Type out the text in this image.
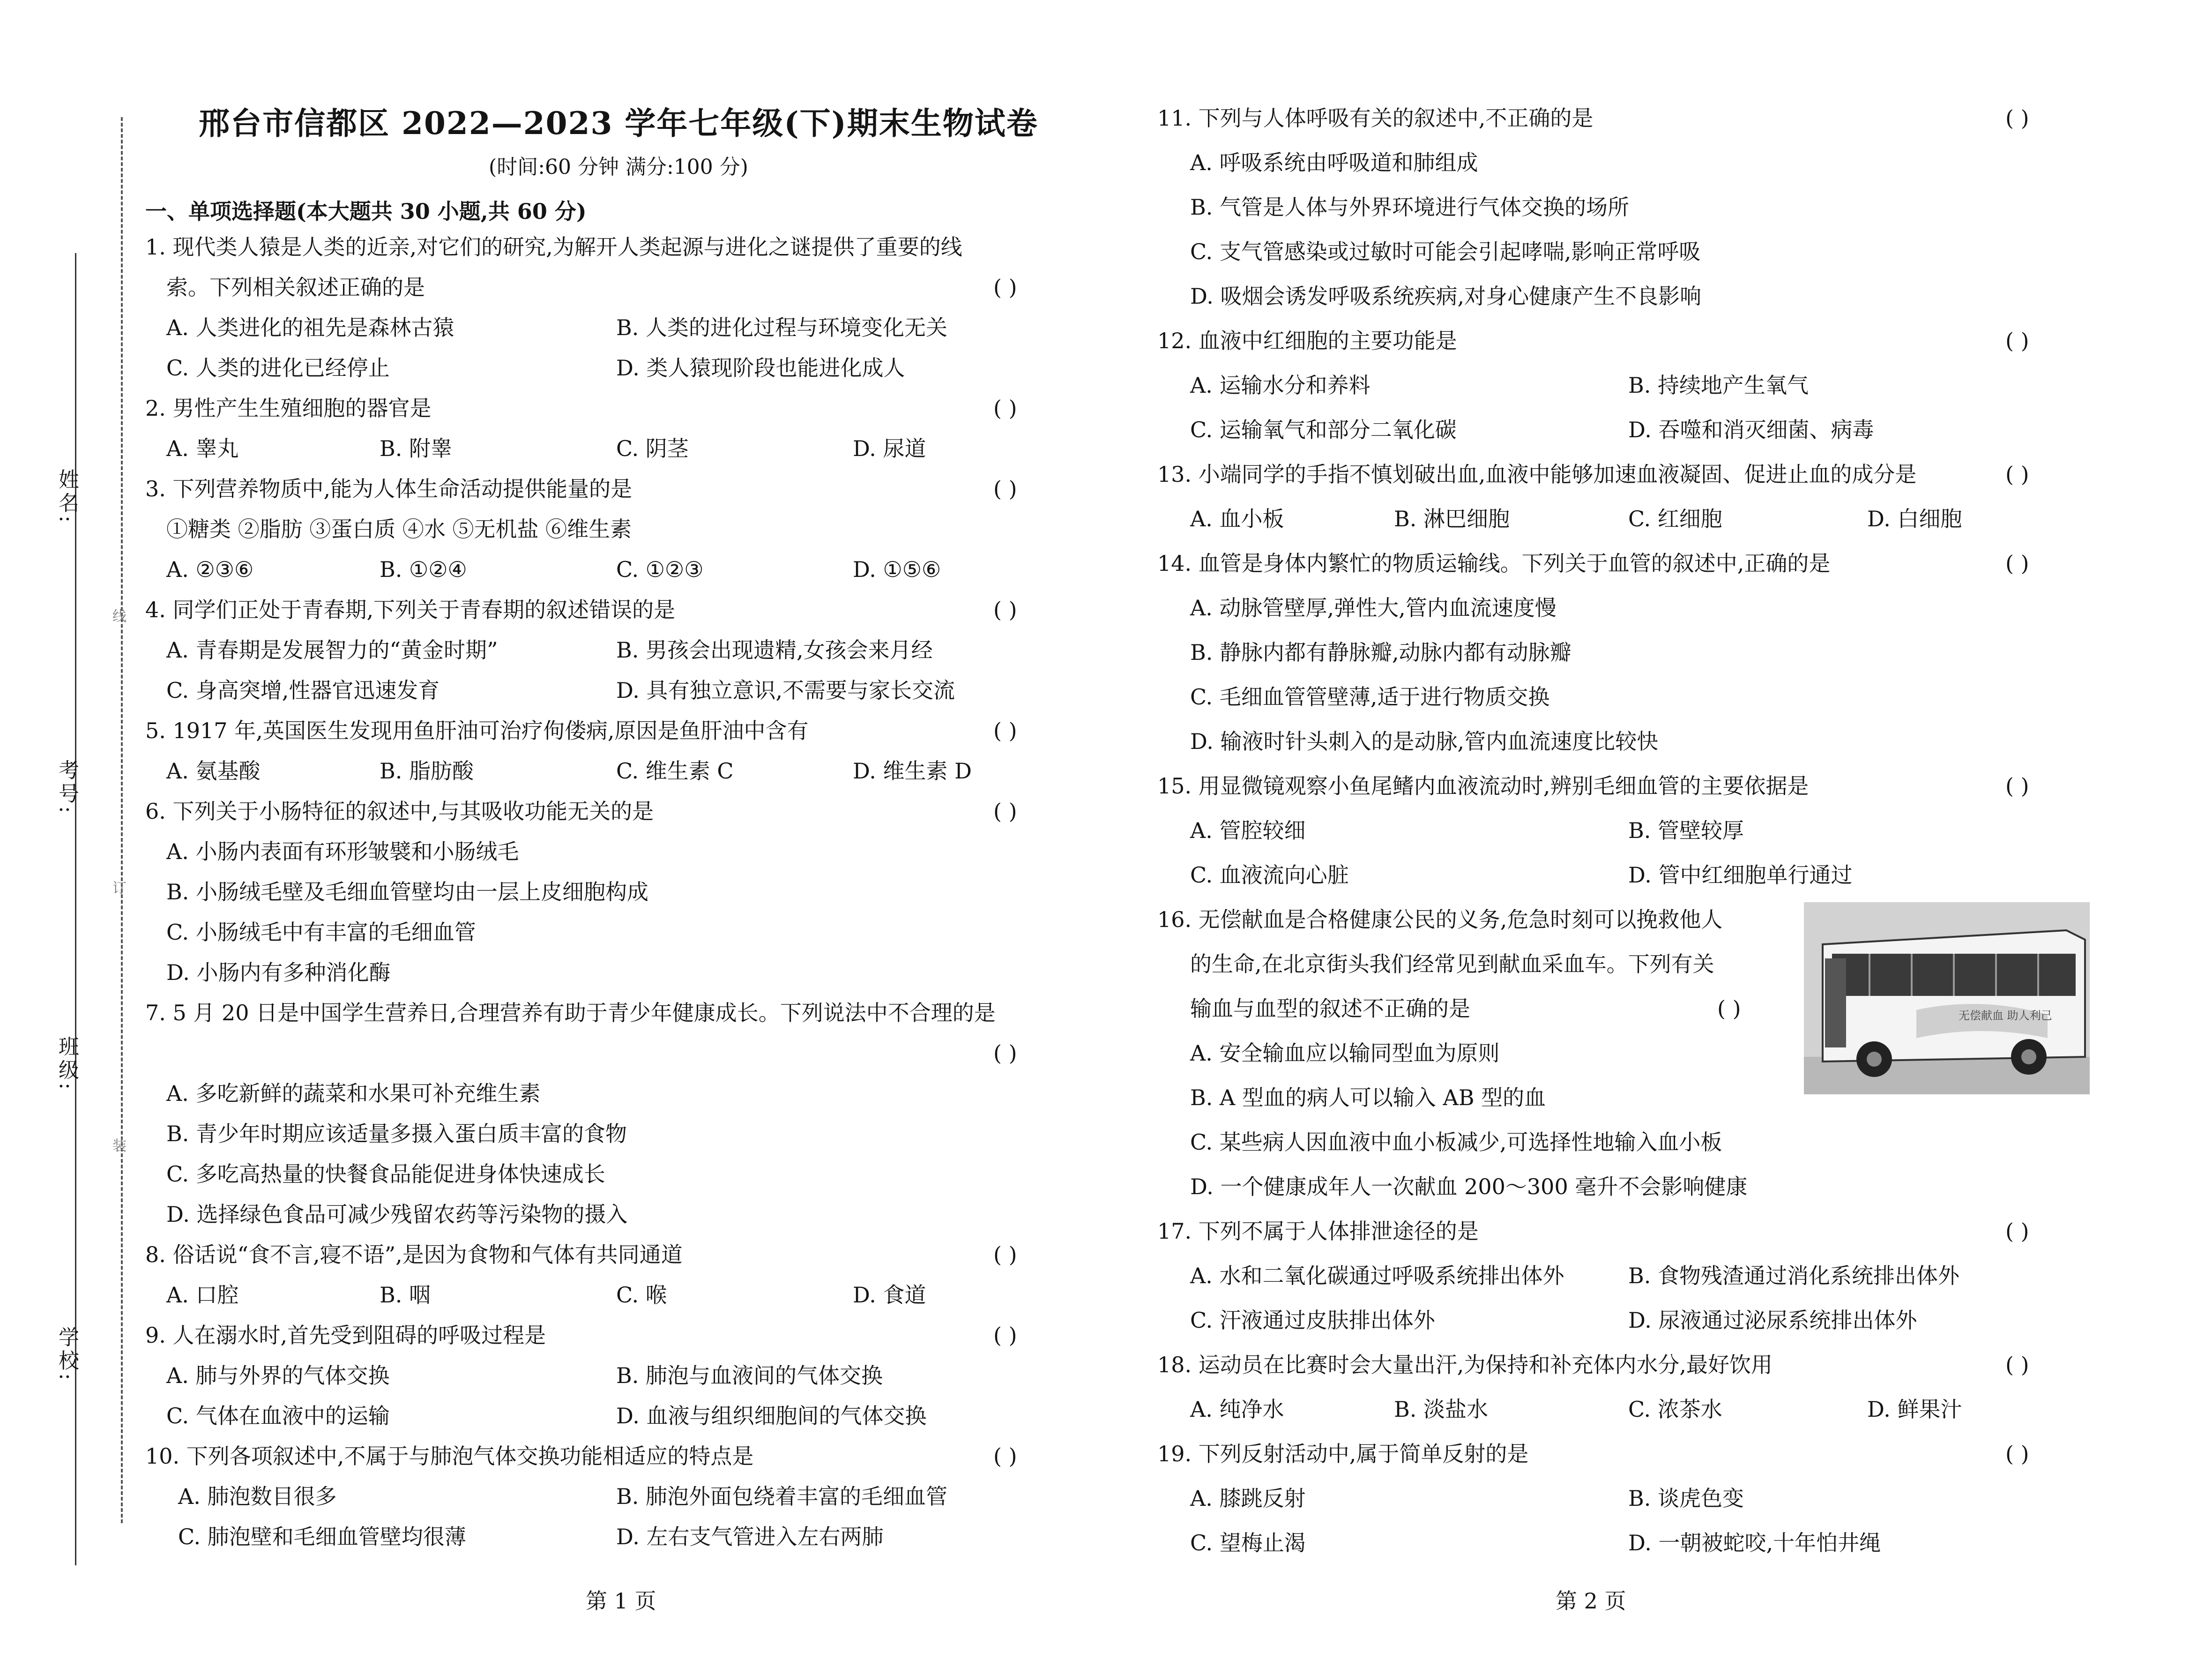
姓名:
考号:
班级:
学校:
线
订
装
邢台市信都区 2022—2023 学年七年级(下)期末生物试卷
(时间:60 分钟 满分:100 分)
一、单项选择题(本大题共 30 小题,共 60 分)
1. 现代类人猿是人类的近亲,对它们的研究,为解开人类起源与进化之谜提供了重要的线
索。下列相关叙述正确的是	( )
A. 人类进化的祖先是森林古猿	B. 人类的进化过程与环境变化无关
C. 人类的进化已经停止	D. 类人猿现阶段也能进化成人
2. 男性产生生殖细胞的器官是	( )
A. 睾丸	B. 附睾	C. 阴茎	D. 尿道
3. 下列营养物质中,能为人体生命活动提供能量的是	( )
①糖类 ②脂肪 ③蛋白质 ④水 ⑤无机盐 ⑥维生素
A. ②③⑥	B. ①②④	C. ①②③	D. ①⑤⑥
4. 同学们正处于青春期,下列关于青春期的叙述错误的是	( )
A. 青春期是发展智力的“黄金时期”	B. 男孩会出现遗精,女孩会来月经
C. 身高突增,性器官迅速发育	D. 具有独立意识,不需要与家长交流
5. 1917 年,英国医生发现用鱼肝油可治疗佝偻病,原因是鱼肝油中含有	( )
A. 氨基酸	B. 脂肪酸	C. 维生素 C	D. 维生素 D
6. 下列关于小肠特征的叙述中,与其吸收功能无关的是	( )
A. 小肠内表面有环形皱襞和小肠绒毛
B. 小肠绒毛壁及毛细血管壁均由一层上皮细胞构成
C. 小肠绒毛中有丰富的毛细血管
D. 小肠内有多种消化酶
7. 5 月 20 日是中国学生营养日,合理营养有助于青少年健康成长。下列说法中不合理的是
( )
A. 多吃新鲜的蔬菜和水果可补充维生素
B. 青少年时期应该适量多摄入蛋白质丰富的食物
C. 多吃高热量的快餐食品能促进身体快速成长
D. 选择绿色食品可减少残留农药等污染物的摄入
8. 俗话说“食不言,寝不语”,是因为食物和气体有共同通道	( )
A. 口腔	B. 咽	C. 喉	D. 食道
9. 人在溺水时,首先受到阻碍的呼吸过程是	( )
A. 肺与外界的气体交换	B. 肺泡与血液间的气体交换
C. 气体在血液中的运输	D. 血液与组织细胞间的气体交换
10. 下列各项叙述中,不属于与肺泡气体交换功能相适应的特点是	( )
A. 肺泡数目很多	B. 肺泡外面包绕着丰富的毛细血管
C. 肺泡壁和毛细血管壁均很薄	D. 左右支气管进入左右两肺
第 1 页
11. 下列与人体呼吸有关的叙述中,不正确的是	( )
A. 呼吸系统由呼吸道和肺组成
B. 气管是人体与外界环境进行气体交换的场所
C. 支气管感染或过敏时可能会引起哮喘,影响正常呼吸
D. 吸烟会诱发呼吸系统疾病,对身心健康产生不良影响
12. 血液中红细胞的主要功能是	( )
A. 运输水分和养料	B. 持续地产生氧气
C. 运输氧气和部分二氧化碳	D. 吞噬和消灭细菌、病毒
13. 小端同学的手指不慎划破出血,血液中能够加速血液凝固、促进止血的成分是	( )
A. 血小板	B. 淋巴细胞	C. 红细胞	D. 白细胞
14. 血管是身体内繁忙的物质运输线。下列关于血管的叙述中,正确的是	( )
A. 动脉管壁厚,弹性大,管内血流速度慢
B. 静脉内都有静脉瓣,动脉内都有动脉瓣
C. 毛细血管管壁薄,适于进行物质交换
D. 输液时针头刺入的是动脉,管内血流速度比较快
15. 用显微镜观察小鱼尾鳍内血液流动时,辨别毛细血管的主要依据是	( )
A. 管腔较细	B. 管壁较厚
C. 血液流向心脏	D. 管中红细胞单行通过
16. 无偿献血是合格健康公民的义务,危急时刻可以挽救他人
的生命,在北京街头我们经常见到献血采血车。下列有关
输血与血型的叙述不正确的是	( )
A. 安全输血应以输同型血为原则
B. A 型血的病人可以输入 AB 型的血
C. 某些病人因血液中血小板减少,可选择性地输入血小板
D. 一个健康成年人一次献血 200～300 毫升不会影响健康
无偿献血 助人利己
17. 下列不属于人体排泄途径的是	( )
A. 水和二氧化碳通过呼吸系统排出体外	B. 食物残渣通过消化系统排出体外
C. 汗液通过皮肤排出体外	D. 尿液通过泌尿系统排出体外
18. 运动员在比赛时会大量出汗,为保持和补充体内水分,最好饮用	( )
A. 纯净水	B. 淡盐水	C. 浓茶水	D. 鲜果汁
19. 下列反射活动中,属于简单反射的是	( )
A. 膝跳反射	B. 谈虎色变
C. 望梅止渴	D. 一朝被蛇咬,十年怕井绳
第 2 页
